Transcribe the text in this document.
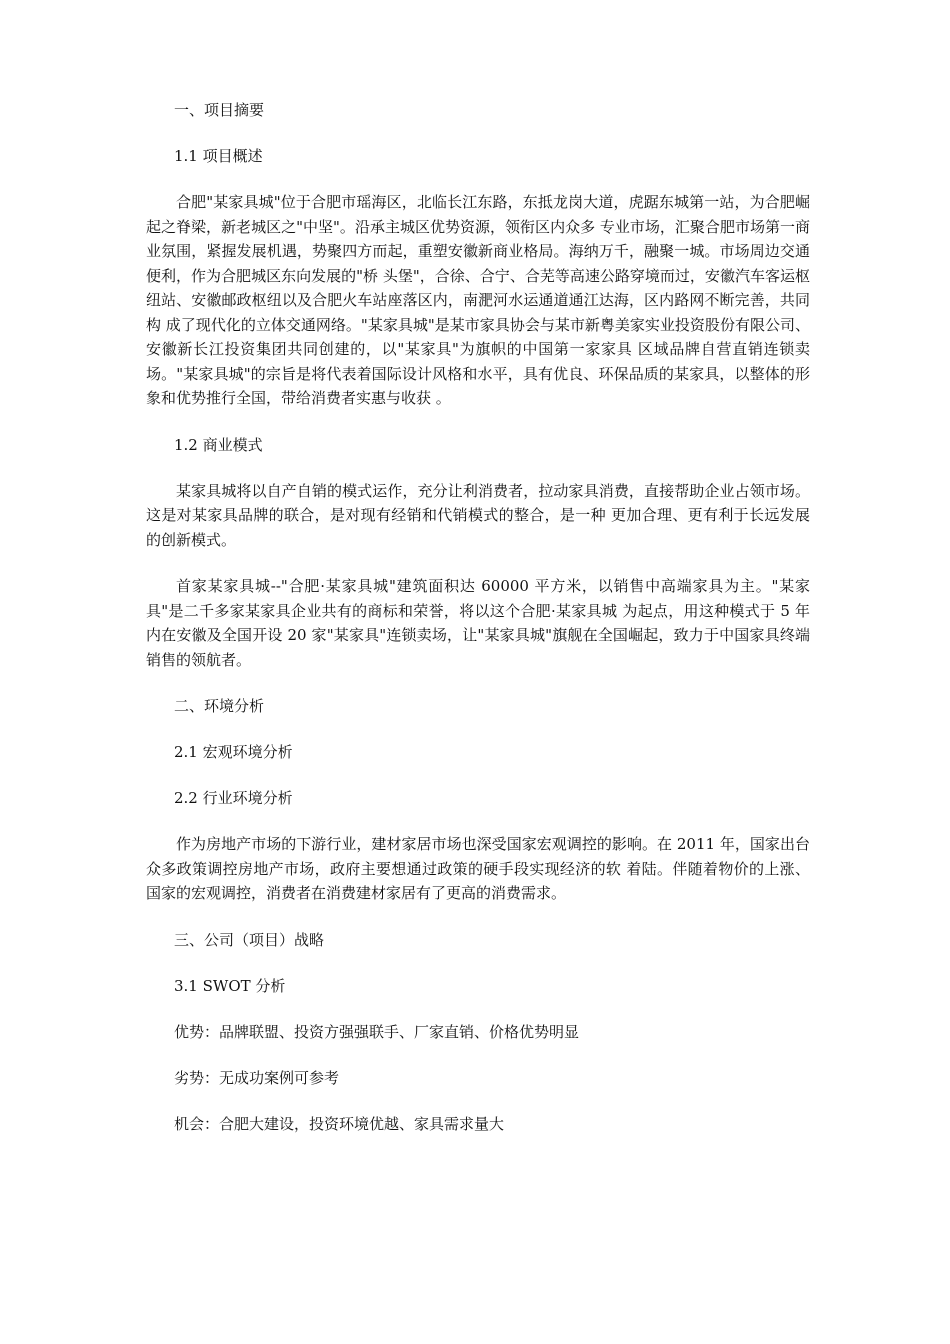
一、项目摘要
1.1 项目概述
合肥"某家具城"位于合肥市瑶海区，北临长江东路，东抵龙岗大道，虎踞东城第一站，为合肥崛起之脊梁，新老城区之"中坚"。沿承主城区优势资源，领衔区内众多 专业市场，汇聚合肥市场第一商业氛围，紧握发展机遇，势聚四方而起，重塑安徽新商业格局。海纳万千，融聚一城。市场周边交通便利，作为合肥城区东向发展的"桥 头堡"，合徐、合宁、合芜等高速公路穿境而过，安徽汽车客运枢纽站、安徽邮政枢纽以及合肥火车站座落区内，南淝河水运通道通江达海，区内路网不断完善，共同构 成了现代化的立体交通网络。"某家具城"是某市家具协会与某市新粤美家实业投资股份有限公司、安徽新长江投资集团共同创建的，以"某家具"为旗帜的中国第一家家具 区域品牌自营直销连锁卖场。"某家具城"的宗旨是将代表着国际设计风格和水平，具有优良、环保品质的某家具，以整体的形象和优势推行全国，带给消费者实惠与收获 。
1.2 商业模式
某家具城将以自产自销的模式运作，充分让利消费者，拉动家具消费，直接帮助企业占领市场。这是对某家具品牌的联合，是对现有经销和代销模式的整合，是一种 更加合理、更有利于长远发展的创新模式。
首家某家具城--"合肥·某家具城"建筑面积达 60000 平方米，以销售中高端家具为主。"某家具"是二千多家某家具企业共有的商标和荣誉，将以这个合肥·某家具城 为起点，用这种模式于 5 年内在安徽及全国开设 20 家"某家具"连锁卖场，让"某家具城"旗舰在全国崛起，致力于中国家具终端销售的领航者。
二、环境分析
2.1 宏观环境分析
2.2 行业环境分析
作为房地产市场的下游行业，建材家居市场也深受国家宏观调控的影响。在 2011 年，国家出台众多政策调控房地产市场，政府主要想通过政策的硬手段实现经济的软 着陆。伴随着物价的上涨、国家的宏观调控，消费者在消费建材家居有了更高的消费需求。
三、公司（项目）战略
3.1 SWOT 分析
优势：品牌联盟、投资方强强联手、厂家直销、价格优势明显
劣势：无成功案例可参考
机会：合肥大建设，投资环境优越、家具需求量大
